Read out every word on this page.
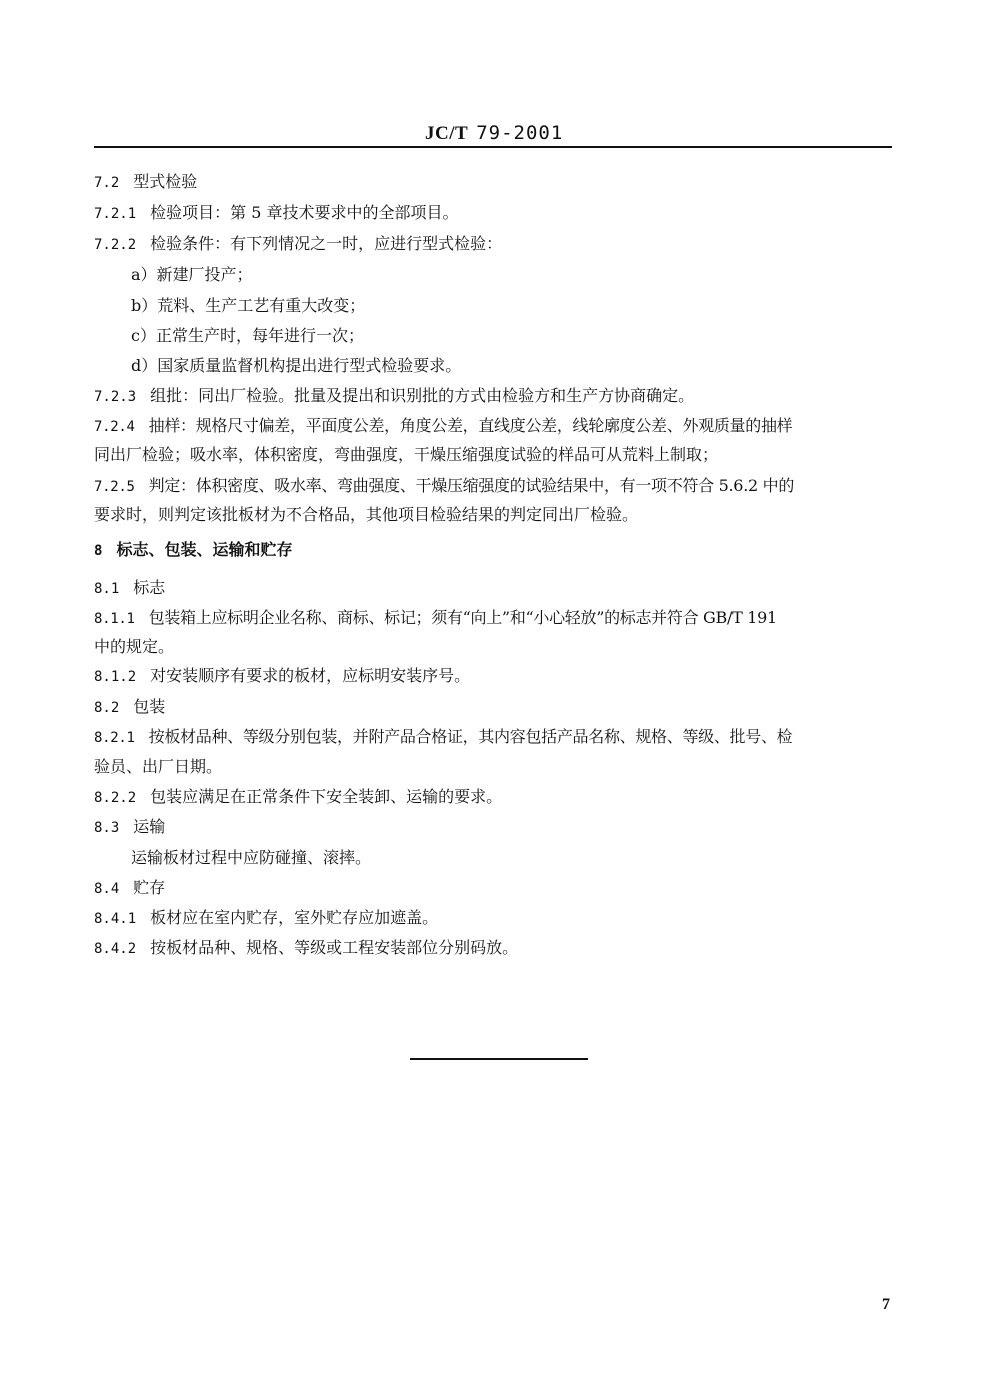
JC/T 79-2001
7.2 型式检验
7.2.1 检验项目：第 5 章技术要求中的全部项目。
7.2.2 检验条件：有下列情况之一时，应进行型式检验：
a）新建厂投产；
b）荒料、生产工艺有重大改变；
c）正常生产时，每年进行一次；
d）国家质量监督机构提出进行型式检验要求。
7.2.3 组批：同出厂检验。批量及提出和识别批的方式由检验方和生产方协商确定。
7.2.4 抽样：规格尺寸偏差，平面度公差，角度公差，直线度公差，线轮廓度公差、外观质量的抽样
同出厂检验；吸水率，体积密度，弯曲强度，干燥压缩强度试验的样品可从荒料上制取；
7.2.5 判定：体积密度、吸水率、弯曲强度、干燥压缩强度的试验结果中，有一项不符合 5.6.2 中的
要求时，则判定该批板材为不合格品，其他项目检验结果的判定同出厂检验。
8 标志、包装、运输和贮存
8.1 标志
8.1.1 包装箱上应标明企业名称、商标、标记；须有“向上”和“小心轻放”的标志并符合 GB/T 191
中的规定。
8.1.2 对安装顺序有要求的板材，应标明安装序号。
8.2 包装
8.2.1 按板材品种、等级分别包装，并附产品合格证，其内容包括产品名称、规格、等级、批号、检
验员、出厂日期。
8.2.2 包装应满足在正常条件下安全装卸、运输的要求。
8.3 运输
运输板材过程中应防碰撞、滚摔。
8.4 贮存
8.4.1 板材应在室内贮存，室外贮存应加遮盖。
8.4.2 按板材品种、规格、等级或工程安装部位分别码放。
7
